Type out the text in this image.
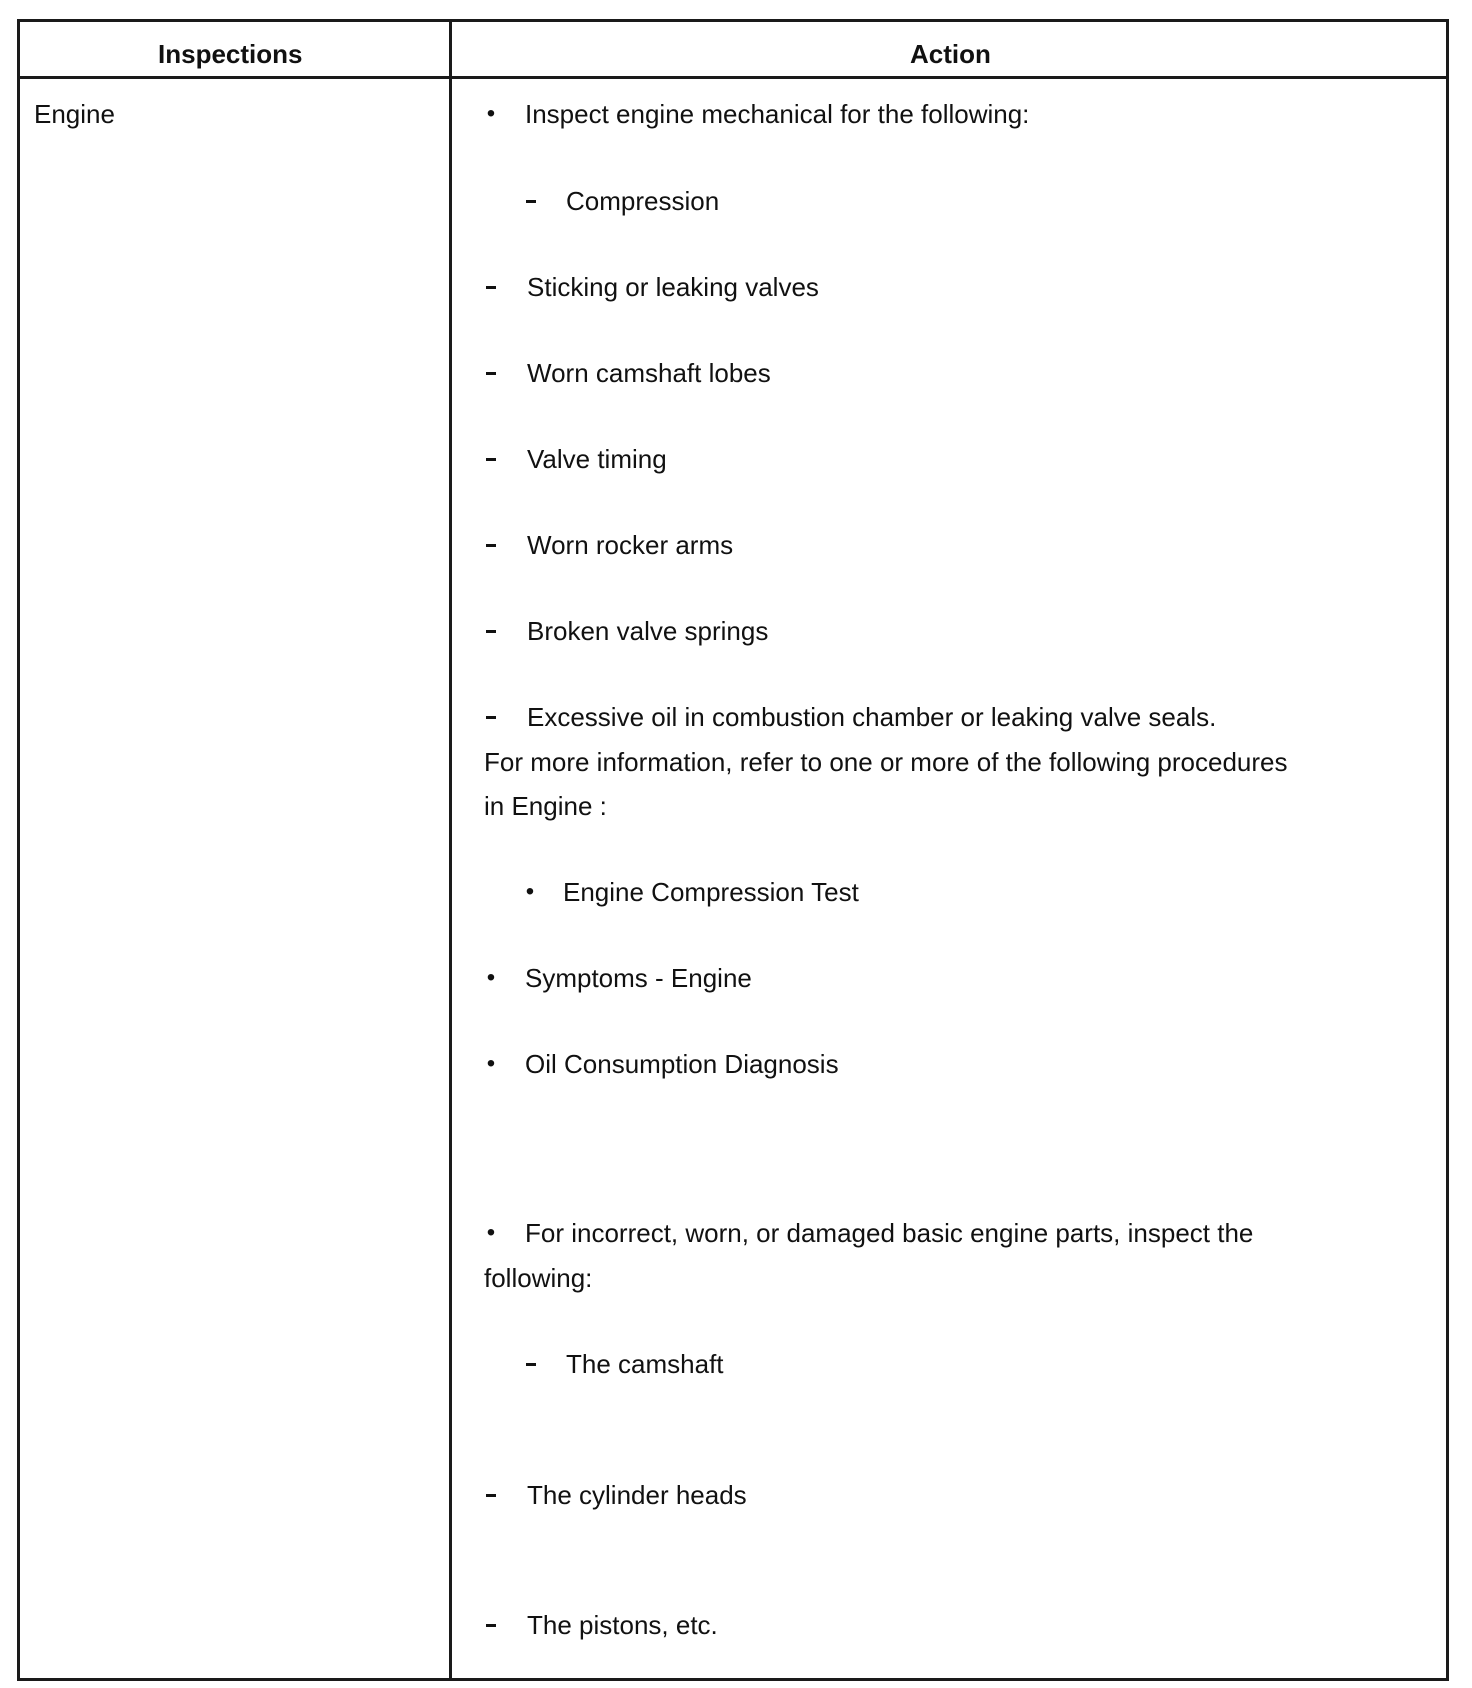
Inspections	Action
Engine	• Inspect engine mechanical for the following:
Compression
Sticking or leaking valves
Worn camshaft lobes
Valve timing
Worn rocker arms
Broken valve springs
Excessive oil in combustion chamber or leaking valve seals.
For more information, refer to one or more of the following procedures
in Engine :
• Engine Compression Test
• Symptoms - Engine
• Oil Consumption Diagnosis
• For incorrect, worn, or damaged basic engine parts, inspect the
following:
The camshaft
The cylinder heads
The pistons, etc.
